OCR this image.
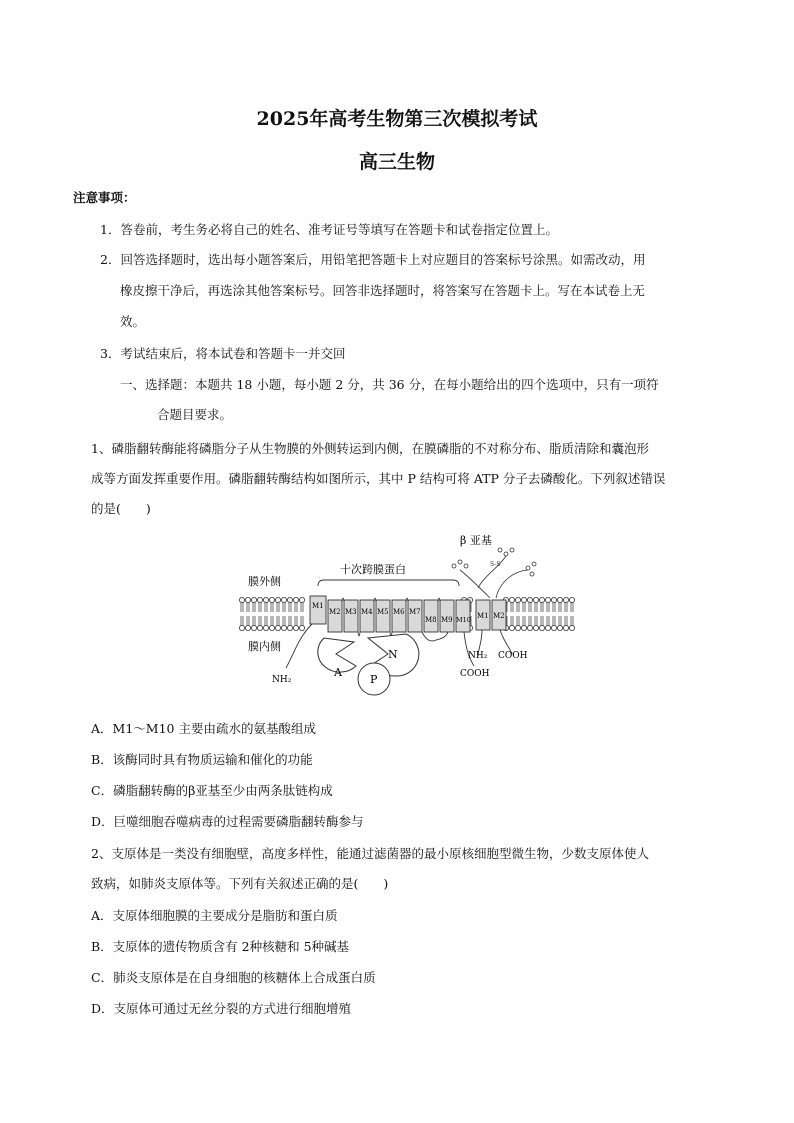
2025年高考生物第三次模拟考试
高三生物
注意事项：
1．答卷前，考生务必将自己的姓名、准考证号等填写在答题卡和试卷指定位置上。
2．回答选择题时，选出每小题答案后，用铅笔把答题卡上对应题目的答案标号涂黑。如需改动，用
橡皮擦干净后，再选涂其他答案标号。回答非选择题时，将答案写在答题卡上。写在本试卷上无
效。
3．考试结束后，将本试卷和答题卡一并交回
一、选择题：本题共 18 小题，每小题 2 分，共 36 分，在每小题给出的四个选项中，只有一项符
合题目要求。
1、磷脂翻转酶能将磷脂分子从生物膜的外侧转运到内侧，在膜磷脂的不对称分布、脂质清除和囊泡形
成等方面发挥重要作用。磷脂翻转酶结构如图所示，其中 P 结构可将 ATP 分子去磷酸化。下列叙述错误
的是(　　)
膜外侧
膜内侧
十次跨膜蛋白
β 亚基
S-S
M1
M2 M3 M4 M5 M6 M7
M8 M9 M10 M1 M2
A
N
P
NH₂
NH₂
COOH
COOH
A．M1～M10 主要由疏水的氨基酸组成
B．该酶同时具有物质运输和催化的功能
C．磷脂翻转酶的β亚基至少由两条肽链构成
D．巨噬细胞吞噬病毒的过程需要磷脂翻转酶参与
2、支原体是一类没有细胞壁，高度多样性，能通过滤菌器的最小原核细胞型微生物，少数支原体使人
致病，如肺炎支原体等。下列有关叙述正确的是(　　)
A．支原体细胞膜的主要成分是脂肪和蛋白质
B．支原体的遗传物质含有 2种核糖和 5种碱基
C．肺炎支原体是在自身细胞的核糖体上合成蛋白质
D．支原体可通过无丝分裂的方式进行细胞增殖
